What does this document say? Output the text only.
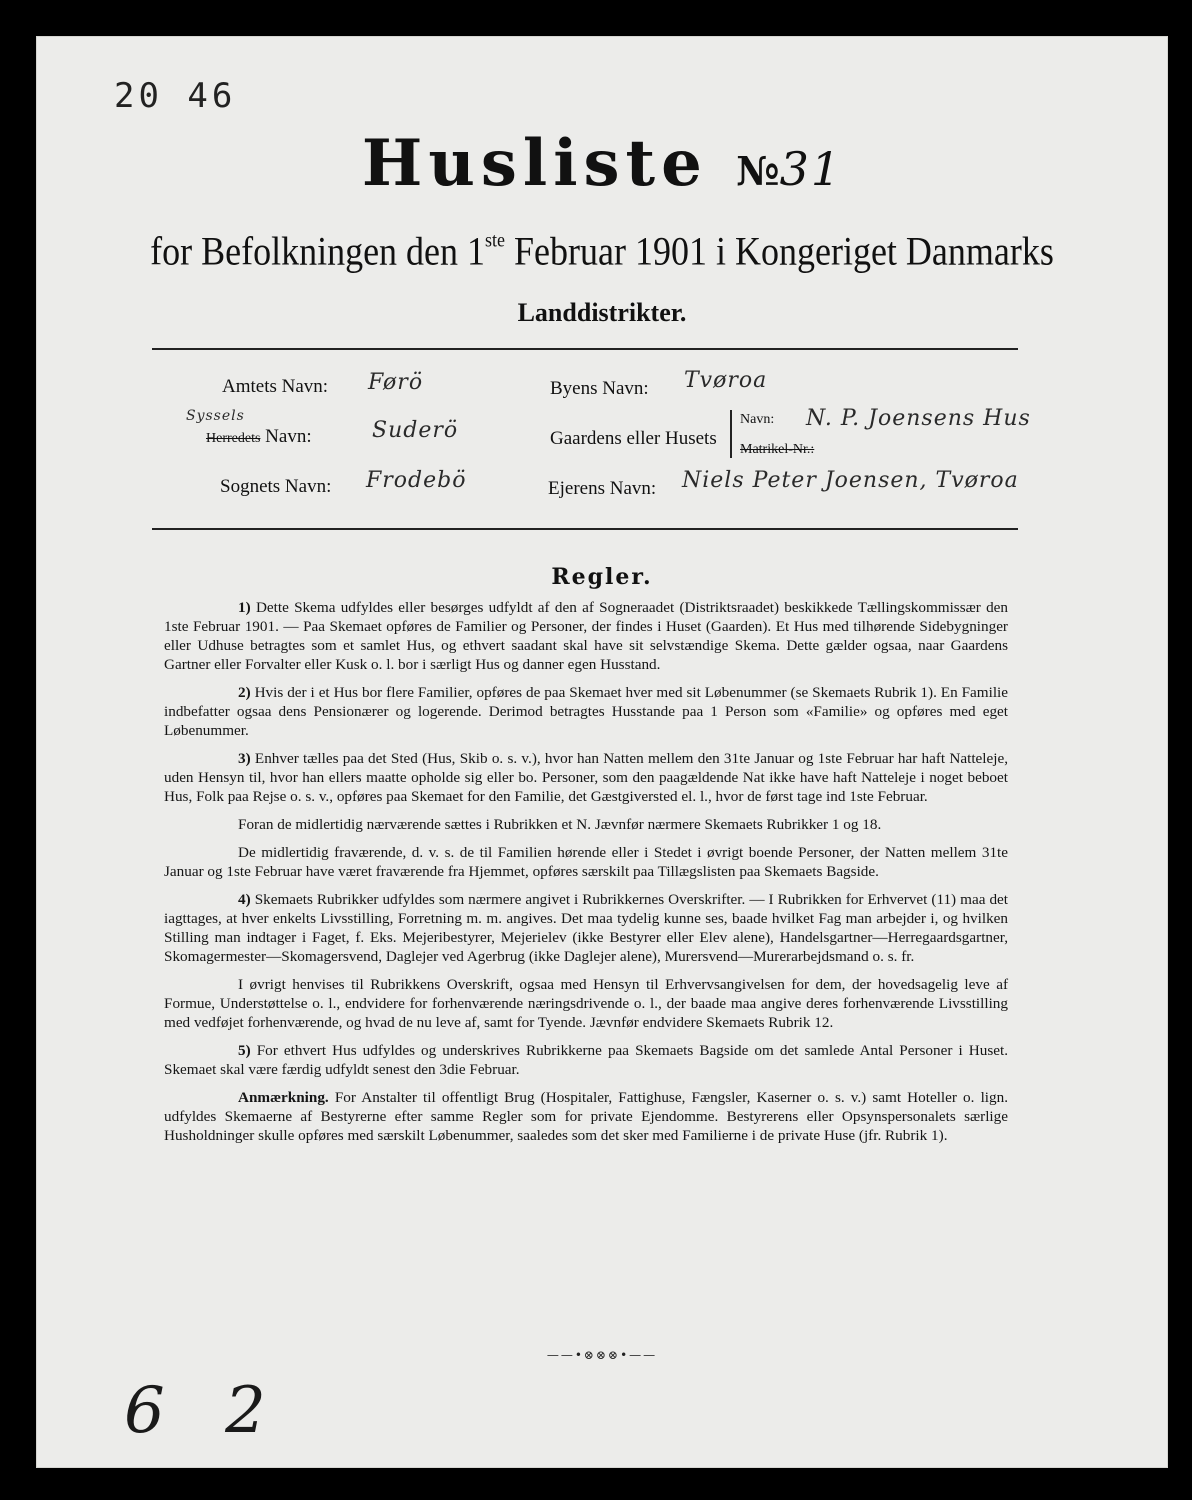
20 46
Husliste №31
for Befolkningen den 1ste Februar 1901 i Kongeriget Danmarks
Landdistrikter.
Amtets Navn: Førö
Syssels
Herredets Navn:	Suderö
Sognets Navn: Frodebö
Byens Navn: Tvøroa
Gaardens eller Husets
Navn: N. P. Joensens Hus
Matrikel-Nr.:
Ejerens Navn: Niels Peter Joensen, Tvøroa
Regler.

1) Dette Skema udfyldes eller besørges udfyldt af den af Sogneraadet (Distriktsraadet) beskikkede Tællingskommissær den 1ste Februar 1901. — Paa Skemaet opføres de Familier og Personer, der findes i Huset (Gaarden). Et Hus med tilhørende Sidebygninger eller Udhuse betragtes som et samlet Hus, og ethvert saadant skal have sit selvstændige Skema. Dette gælder ogsaa, naar Gaardens Gartner eller Forvalter eller Kusk o. l. bor i særligt Hus og danner egen Husstand.

2) Hvis der i et Hus bor flere Familier, opføres de paa Skemaet hver med sit Løbenummer (se Skemaets Rubrik 1). En Familie indbefatter ogsaa dens Pensionærer og logerende. Derimod betragtes Husstande paa 1 Person som «Familie» og opføres med eget Løbenummer.

3) Enhver tælles paa det Sted (Hus, Skib o. s. v.), hvor han Natten mellem den 31te Januar og 1ste Februar har haft Natteleje, uden Hensyn til, hvor han ellers maatte opholde sig eller bo. Personer, som den paagældende Nat ikke have haft Natteleje i noget beboet Hus, Folk paa Rejse o. s. v., opføres paa Skemaet for den Familie, det Gæstgiversted el. l., hvor de først tage ind 1ste Februar.

Foran de midlertidig nærværende sættes i Rubrikken et N. Jævnfør nærmere Skemaets Rubrikker 1 og 18.

De midlertidig fraværende, d. v. s. de til Familien hørende eller i Stedet i øvrigt boende Personer, der Natten mellem 31te Januar og 1ste Februar have været fraværende fra Hjemmet, opføres særskilt paa Tillægslisten paa Skemaets Bagside.

4) Skemaets Rubrikker udfyldes som nærmere angivet i Rubrikkernes Overskrifter. — I Rubrikken for Erhvervet (11) maa det iagttages, at hver enkelts Livsstilling, Forretning m. m. angives. Det maa tydelig kunne ses, baade hvilket Fag man arbejder i, og hvilken Stilling man indtager i Faget, f. Eks. Mejeribestyrer, Mejerielev (ikke Bestyrer eller Elev alene), Handelsgartner—Herregaardsgartner, Skomagermester—Skomagersvend, Daglejer ved Agerbrug (ikke Daglejer alene), Murersvend—Murerarbejdsmand o. s. fr.

I øvrigt henvises til Rubrikkens Overskrift, ogsaa med Hensyn til Erhvervsangivelsen for dem, der hovedsagelig leve af Formue, Understøttelse o. l., endvidere for forhenværende næringsdrivende o. l., der baade maa angive deres forhenværende Livsstilling med vedføjet forhenværende, og hvad de nu leve af, samt for Tyende. Jævnfør endvidere Skemaets Rubrik 12.

5) For ethvert Hus udfyldes og underskrives Rubrikkerne paa Skemaets Bagside om det samlede Antal Personer i Huset. Skemaet skal være færdig udfyldt senest den 3die Februar.

Anmærkning. For Anstalter til offentligt Brug (Hospitaler, Fattighuse, Fængsler, Kaserner o. s. v.) samt Hoteller o. lign. udfyldes Skemaerne af Bestyrerne efter samme Regler som for private Ejendomme. Bestyrerens eller Opsynspersonalets særlige Husholdninger skulle opføres med særskilt Løbenummer, saaledes som det sker med Familierne i de private Huse (jfr. Rubrik 1).

——•⊗⊗⊗•——
6 2
